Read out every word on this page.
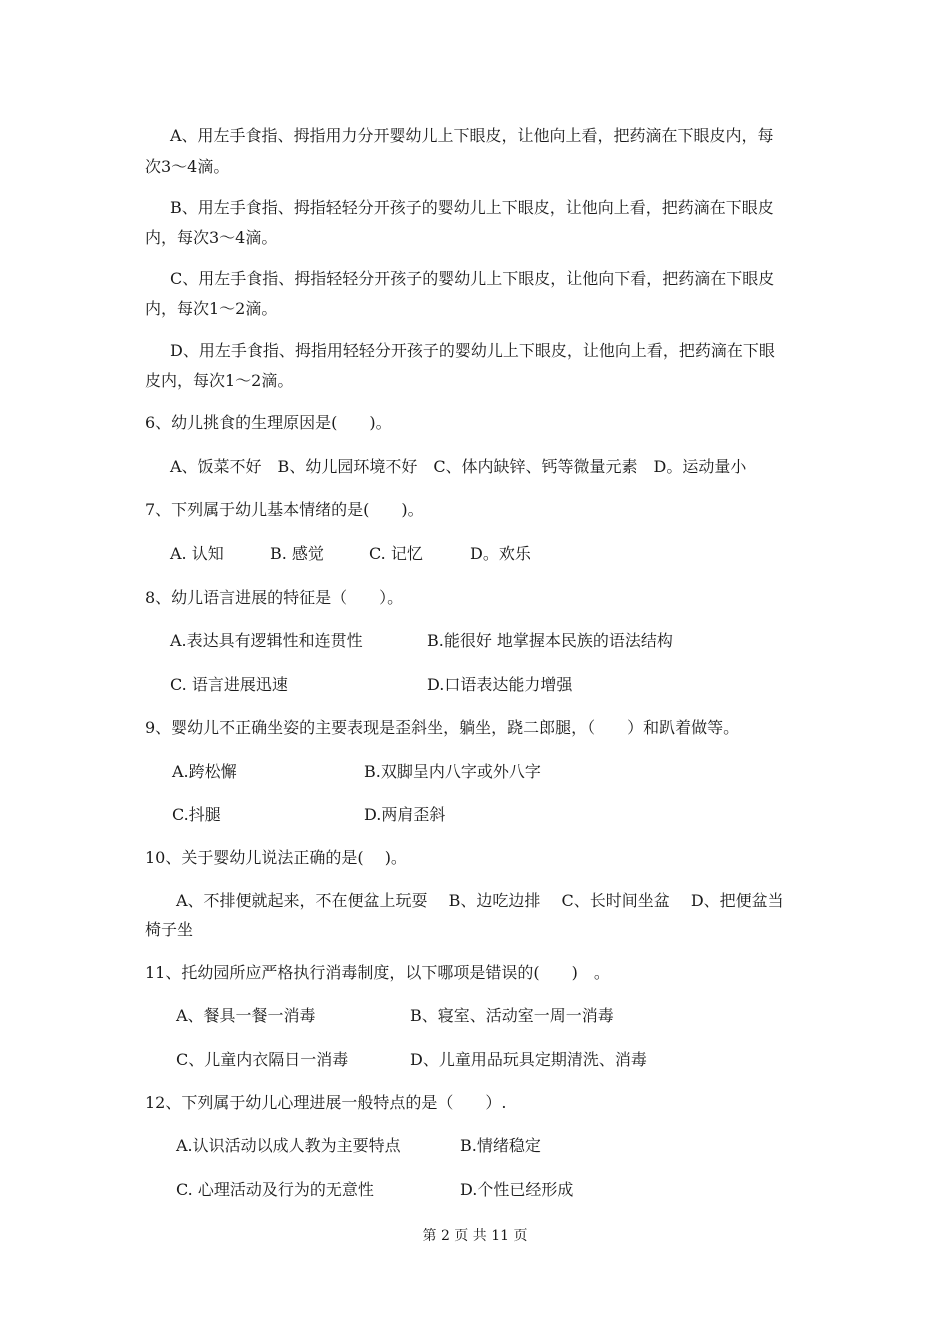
A、用左手食指、拇指用力分开婴幼儿上下眼皮，让他向上看，把药滴在下眼皮内，每

次3～4滴。

B、用左手食指、拇指轻轻分开孩子的婴幼儿上下眼皮，让他向上看，把药滴在下眼皮

内，每次3～4滴。

C、用左手食指、拇指轻轻分开孩子的婴幼儿上下眼皮，让他向下看，把药滴在下眼皮

内，每次1～2滴。

D、用左手食指、拇指用轻轻分开孩子的婴幼儿上下眼皮，让他向上看，把药滴在下眼

皮内，每次1～2滴。

6、幼儿挑食的生理原因是(　　)。

A、饭菜不好　B、幼儿园环境不好　C、体内缺锌、钙等微量元素　D。运动量小

7、下列属于幼儿基本情绪的是(　　)。

A. 认知	B. 感觉	C. 记忆	D。欢乐

8、幼儿语言进展的特征是（　　）。

A.表达具有逻辑性和连贯性	B.能很好 地掌握本民族的语法结构
C. 语言进展迅速	D.口语表达能力增强

9、婴幼儿不正确坐姿的主要表现是歪斜坐，躺坐，跷二郎腿，（　　）和趴着做等。

A.跨松懈	B.双脚呈内八字或外八字
C.抖腿	D.两肩歪斜

10、关于婴幼儿说法正确的是(　 )。

A、不排便就起来，不在便盆上玩耍　 B、边吃边排　 C、长时间坐盆　 D、把便盆当

椅子坐

11、托幼园所应严格执行消毒制度，以下哪项是错误的(　　)　。

A、餐具一餐一消毒	B、寝室、活动室一周一消毒
C、儿童内衣隔日一消毒	D、儿童用品玩具定期清洗、消毒

12、下列属于幼儿心理进展一般特点的是（　　）.

A.认识活动以成人教为主要特点	B.情绪稳定
C. 心理活动及行为的无意性	D.个性已经形成
第 2 页 共 11 页
